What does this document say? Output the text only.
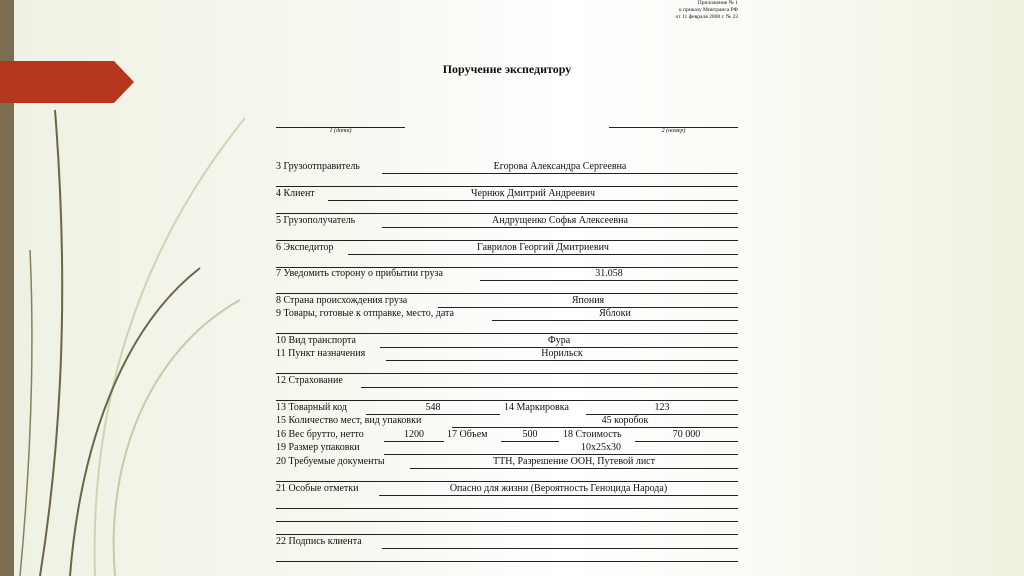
Приложение № 1
к приказу Минтранса РФ
от 11 февраля 2008 г. № 23
Поручение экспедитору
1 (дата)	2 (номер)
3 Грузоотправитель	Егорова Александра Сергеевна
4 Клиент	Чернюк Дмитрий Андреевич
5 Грузополучатель	Андрущенко Софья Алексеевна
6 Экспедитор	Гаврилов Георгий Дмитриевич
7 Уведомить сторону о прибытии груза	31.058
8 Страна происхождения груза	Япония
9 Товары, готовые к отправке, место, дата	Яблоки
10 Вид транспорта	Фура
11 Пункт назначения	Норильск
12 Страхование
13 Товарный код	548	14 Маркировка	123
15 Количество мест, вид упаковки	45 коробок
16 Вес брутто, нетто	1200	17 Объем	500	18 Стоимость	70 000
19 Размер упаковки	10х25х30
20 Требуемые документы	ТТН, Разрешение ООН, Путевой лист
21 Особые отметки	Опасно для жизни (Вероятность Геноцида Народа)
22 Подпись клиента
